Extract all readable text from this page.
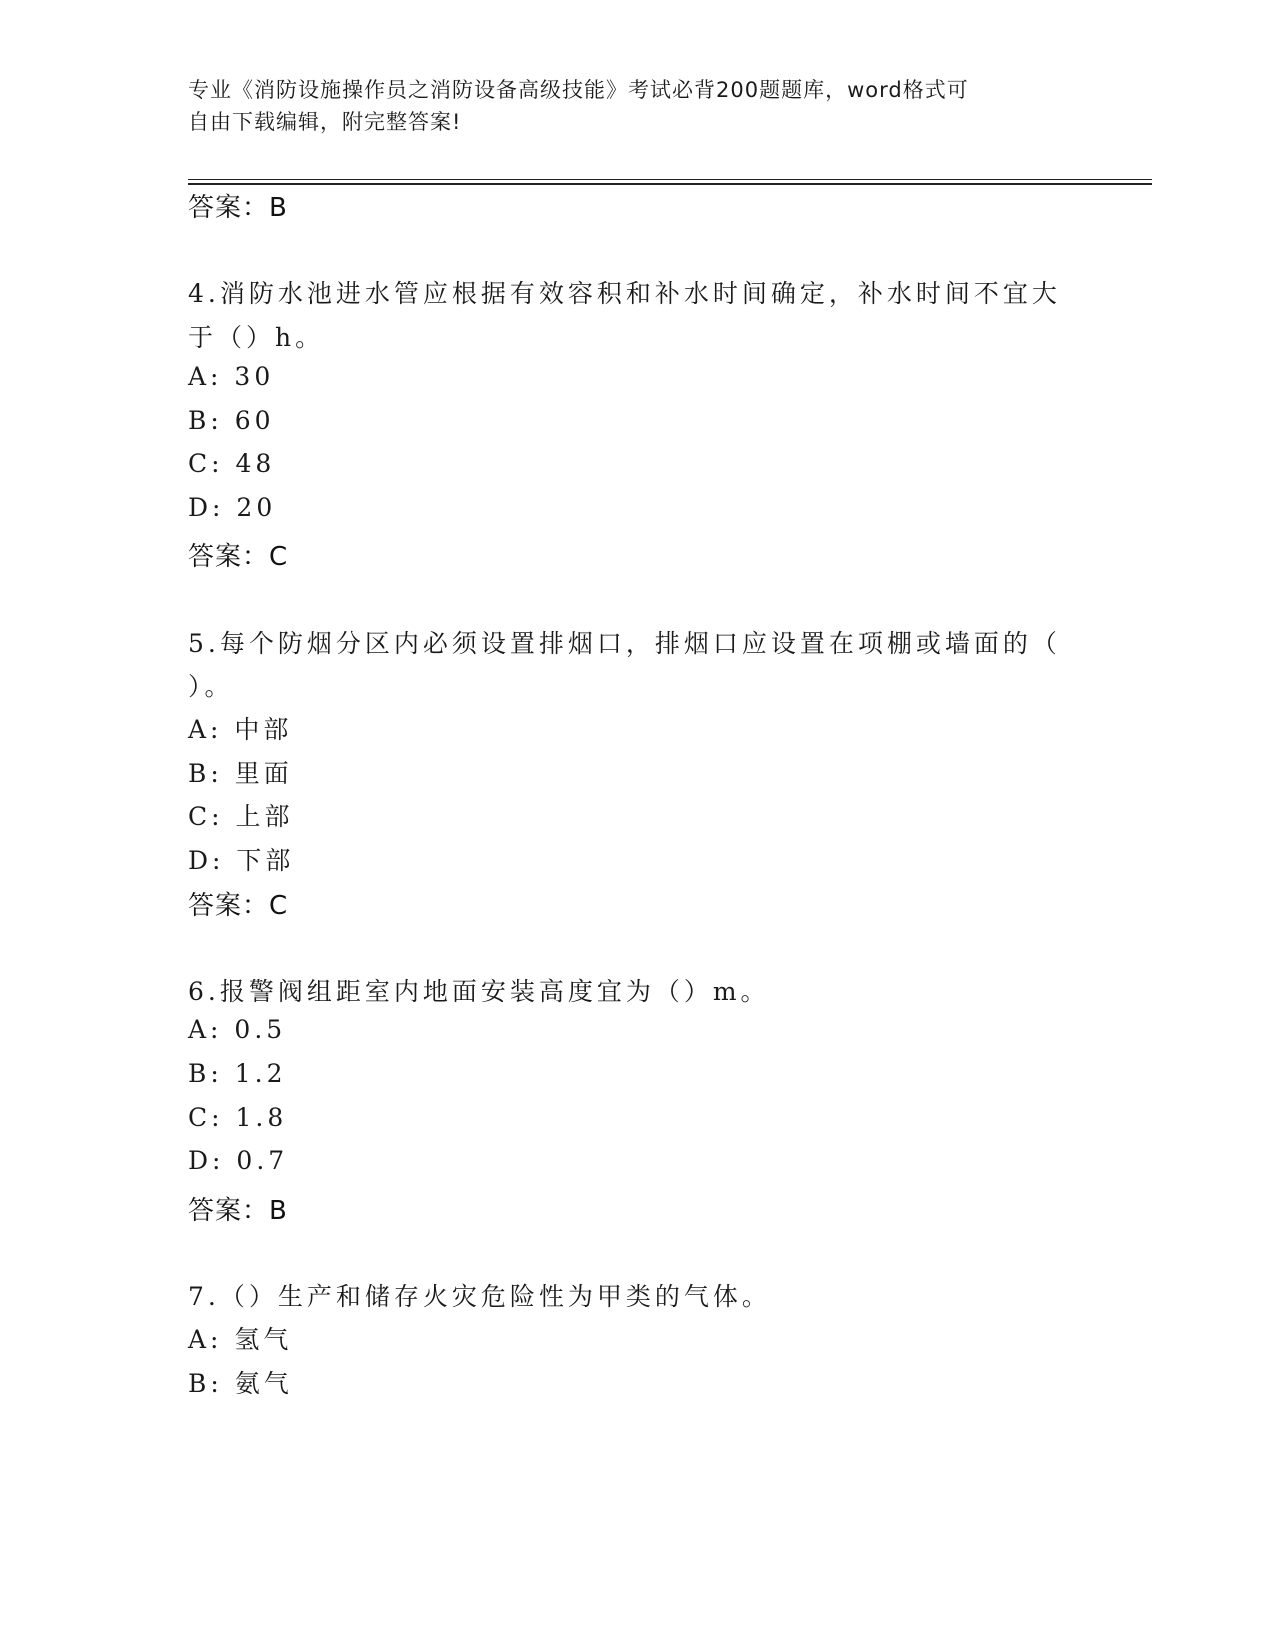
专业《消防设施操作员之消防设备高级技能》考试必背200题题库，word格式可
自由下载编辑，附完整答案!
答案：B
4.消防水池进水管应根据有效容积和补水时间确定，补水时间不宜大
于（）h。
A: 30
B: 60
C: 48
D: 20
答案：C
5.每个防烟分区内必须设置排烟口，排烟口应设置在项棚或墙面的（
）。
A: 中部
B: 里面
C: 上部
D: 下部
答案：C
6.报警阀组距室内地面安装高度宜为（）m。
A: 0.5
B: 1.2
C: 1.8
D: 0.7
答案：B
7.（）生产和储存火灾危险性为甲类的气体。
A: 氢气
B: 氨气
